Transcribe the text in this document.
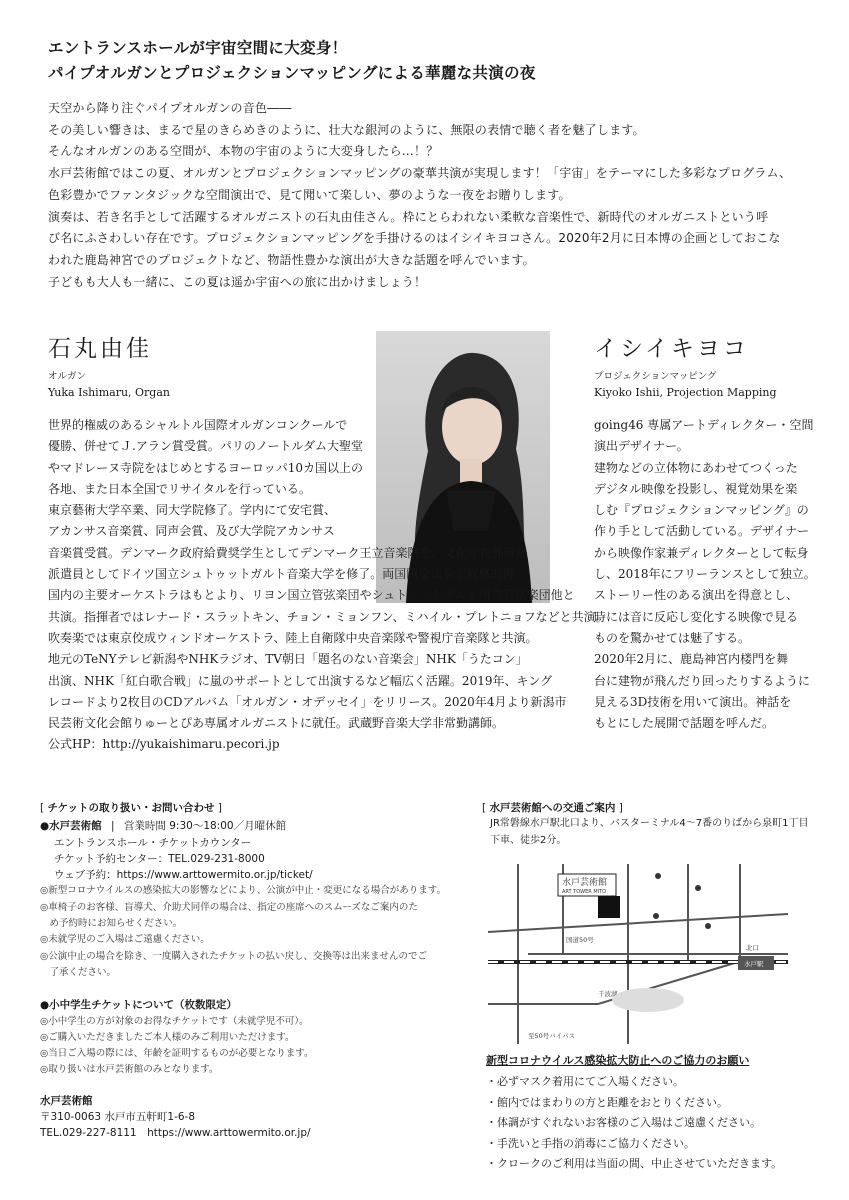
エントランスホールが宇宙空間に大変身！
パイプオルガンとプロジェクションマッピングによる華麗な共演の夜
天空から降り注ぐパイプオルガンの音色――
その美しい響きは、まるで星のきらめきのように、壮大な銀河のように、無限の表情で聴く者を魅了します。
そんなオルガンのある空間が、本物の宇宙のように大変身したら…！？
水戸芸術館ではこの夏、オルガンとプロジェクションマッピングの豪華共演が実現します！「宇宙」をテーマにした多彩なプログラム、
色彩豊かでファンタジックな空間演出で、見て聞いて楽しい、夢のような一夜をお贈りします。
演奏は、若き名手として活躍するオルガニストの石丸由佳さん。枠にとらわれない柔軟な音楽性で、新時代のオルガニストという呼
び名にふさわしい存在です。プロジェクションマッピングを手掛けるのはイシイキヨコさん。2020年2月に日本博の企画としておこな
われた鹿島神宮でのプロジェクトなど、物語性豊かな演出が大きな話題を呼んでいます。
子どもも大人も一緒に、この夏は遥か宇宙への旅に出かけましょう！
石丸由佳
オルガン
Yuka Ishimaru, Organ
世界的権威のあるシャルトル国際オルガンコンクールで
優勝、併せてＪ.アラン賞受賞。パリのノートルダム大聖堂
やマドレーヌ寺院をはじめとするヨーロッパ10カ国以上の
各地、また日本全国でリサイタルを行っている。
東京藝術大学卒業、同大学院修了。学内にて安宅賞、
アカンサス音楽賞、同声会賞、及び大学院アカンサス
音楽賞受賞。デンマーク政府給費奨学生としてデンマーク王立音楽院を、文化庁在外研修
派遣員としてドイツ国立シュトゥットガルト音楽大学を修了。両国国家演奏家資格取得。
国内の主要オーケストラはもとより、リヨン国立管弦楽団やシュトゥットガルト州立管弦楽団他と
共演。指揮者ではレナード・スラットキン、チョン・ミョンフン、ミハイル・プレトニョフなどと共演。
吹奏楽では東京佼成ウィンドオーケストラ、陸上自衛隊中央音楽隊や警視庁音楽隊と共演。
地元のTeNYテレビ新潟やNHKラジオ、TV朝日「題名のない音楽会」NHK「うたコン」
出演、NHK「紅白歌合戦」に嵐のサポートとして出演するなど幅広く活躍。2019年、キング
レコードより2枚目のCDアルバム「オルガン・オデッセイ」をリリース。2020年4月より新潟市
民芸術文化会館りゅーとぴあ専属オルガニストに就任。武蔵野音楽大学非常勤講師。
公式HP：http://yukaishimaru.pecori.jp
イシイキヨコ
プロジェクションマッピング
Kiyoko Ishii, Projection Mapping
going46 専属アートディレクター・空間
演出デザイナー。
建物などの立体物にあわせてつくった
デジタル映像を投影し、視覚効果を楽
しむ『プロジェクションマッピング』の
作り手として活動している。デザイナー
から映像作家兼ディレクターとして転身
し、2018年にフリーランスとして独立。
ストーリー性のある演出を得意とし、
時には音に反応し変化する映像で見る
ものを驚かせては魅了する。
2020年2月に、鹿島神宮内楼門を舞
台に建物が飛んだり回ったりするように
見える3D技術を用いて演出。神話を
もとにした展開で話題を呼んだ。
[ チケットの取り扱い・お問い合わせ ]
●水戸芸術館 | 営業時間 9:30～18:00／月曜休館
エントランスホール・チケットカウンター
チケット予約センター：TEL.029-231-8000
ウェブ予約：https://www.arttowermito.or.jp/ticket/
◎新型コロナウイルスの感染拡大の影響などにより、公演が中止・変更になる場合があります。
◎車椅子のお客様、盲導犬、介助犬同伴の場合は、指定の座席へのスムーズなご案内のた
　め予約時にお知らせください。
◎未就学児のご入場はご遠慮ください。
◎公演中止の場合を除き、一度購入されたチケットの払い戻し、交換等は出来ませんのでご
　了承ください。
●小中学生チケットについて（枚数限定）
◎小中学生の方が対象のお得なチケットです（未就学児不可）。
◎ご購入いただきましたご本人様のみご利用いただけます。
◎当日ご入場の際には、年齢を証明するものが必要となります。
◎取り扱いは水戸芸術館のみとなります。
水戸芸術館
〒310-0063 水戸市五軒町1-6-8
TEL.029-227-8111　https://www.arttowermito.or.jp/
[ 水戸芸術館への交通ご案内 ]
JR常磐線水戸駅北口より、バスターミナル4～7番のりばから泉町1丁目
下車、徒歩2分。
水戸芸術館
ART TOWER MITO
水戸駅
国道50号
至50号バイパス
千波湖
北口
新型コロナウイルス感染拡大防止へのご協力のお願い
・必ずマスク着用にてご入場ください。
・館内ではまわりの方と距離をおとりください。
・体調がすぐれないお客様のご入場はご遠慮ください。
・手洗いと手指の消毒にご協力ください。
・クロークのご利用は当面の間、中止させていただきます。
